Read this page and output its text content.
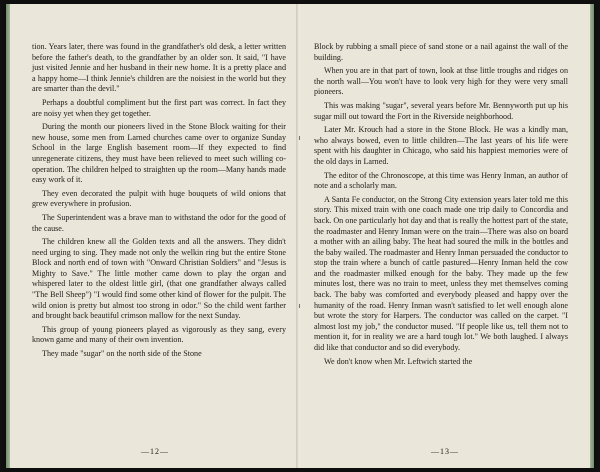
tion. Years later, there was found in the grandfather's old desk, a letter written before the father's death, to the grandfather by an older son. It said, "I have just visited Jennie and her husband in their new home. It is a pretty place and a happy home—I think Jennie's children are the noisiest in the world but they are smarter than the devil."

Perhaps a doubtful compliment but the first part was correct. In fact they are noisy yet when they get together.

During the month our pioneers lived in the Stone Block waiting for their new house, some men from Larned churches came over to organize Sunday School in the large English basement room—If they expected to find unregenerate citizens, they must have been relieved to meet such willing co-operation. The children helped to straighten up the room—Many hands made easy work of it.

They even decorated the pulpit with huge bouquets of wild onions that grew everywhere in profusion.

The Superintendent was a brave man to withstand the odor for the good of the cause.

The children knew all the Golden texts and all the answers. They didn't need urging to sing. They made not only the welkin ring but the entire Stone Block and north end of town with "Onward Christian Soldiers" and "Jesus is Mighty to Save." The little mother came down to play the organ and whispered later to the oldest little girl, (that one grandfather always called "The Bell Sheep") "I would find some other kind of flower for the pulpit. The wild onion is pretty but almost too strong in odor." So the child went farther and brought back beautiful crimson mallow for the next Sunday.

This group of young pioneers played as vigorously as they sang, every known game and many of their own invention.

They made "sugar" on the north side of the Stone

—12—

Block by rubbing a small piece of sand stone or a nail against the wall of the building.

When you are in that part of town, look at thse little troughs and ridges on the north wall—You won't have to look very high for they were very small pioneers.

This was making "sugar", several years before Mr. Bennyworth put up his sugar mill out toward the Fort in the Riverside neighborhood.

Later Mr. Krouch had a store in the Stone Block. He was a kindly man, who always bowed, even to little children—The last years of his life were spent with his daughter in Chicago, who said his happiest memories were of the old days in Larned.

The editor of the Chronoscope, at this time was Henry Inman, an author of note and a scholarly man.

A Santa Fe conductor, on the Strong City extension years later told me this story. This mixed train with one coach made one trip daily to Concordia and back. On one particularly hot day and that is really the hottest part of the state, the roadmaster and Henry Inman were on the train—There was also on board a mother with an ailing baby. The heat had soured the milk in the bottles and the baby wailed. The roadmaster and Henry Inman persuaded the conductor to stop the train where a bunch of cattle pastured—Henry Inman held the cow and the roadmaster milked enough for the baby. They made up the few minutes lost, there was no train to meet, unless they met themselves coming back. The baby was comforted and everybody pleased and happy over the humanity of the road. Henry Inman wasn't satisfied to let well enough alone but wrote the story for Harpers. The conductor was called on the carpet. "I almost lost my job," the conductor mused. "If people like us, tell them not to mention it, for in reality we are a hard tough lot." We both laughed. I always did like that conductor and so did everybody.

We don't know when Mr. Leftwich started the

—13—
